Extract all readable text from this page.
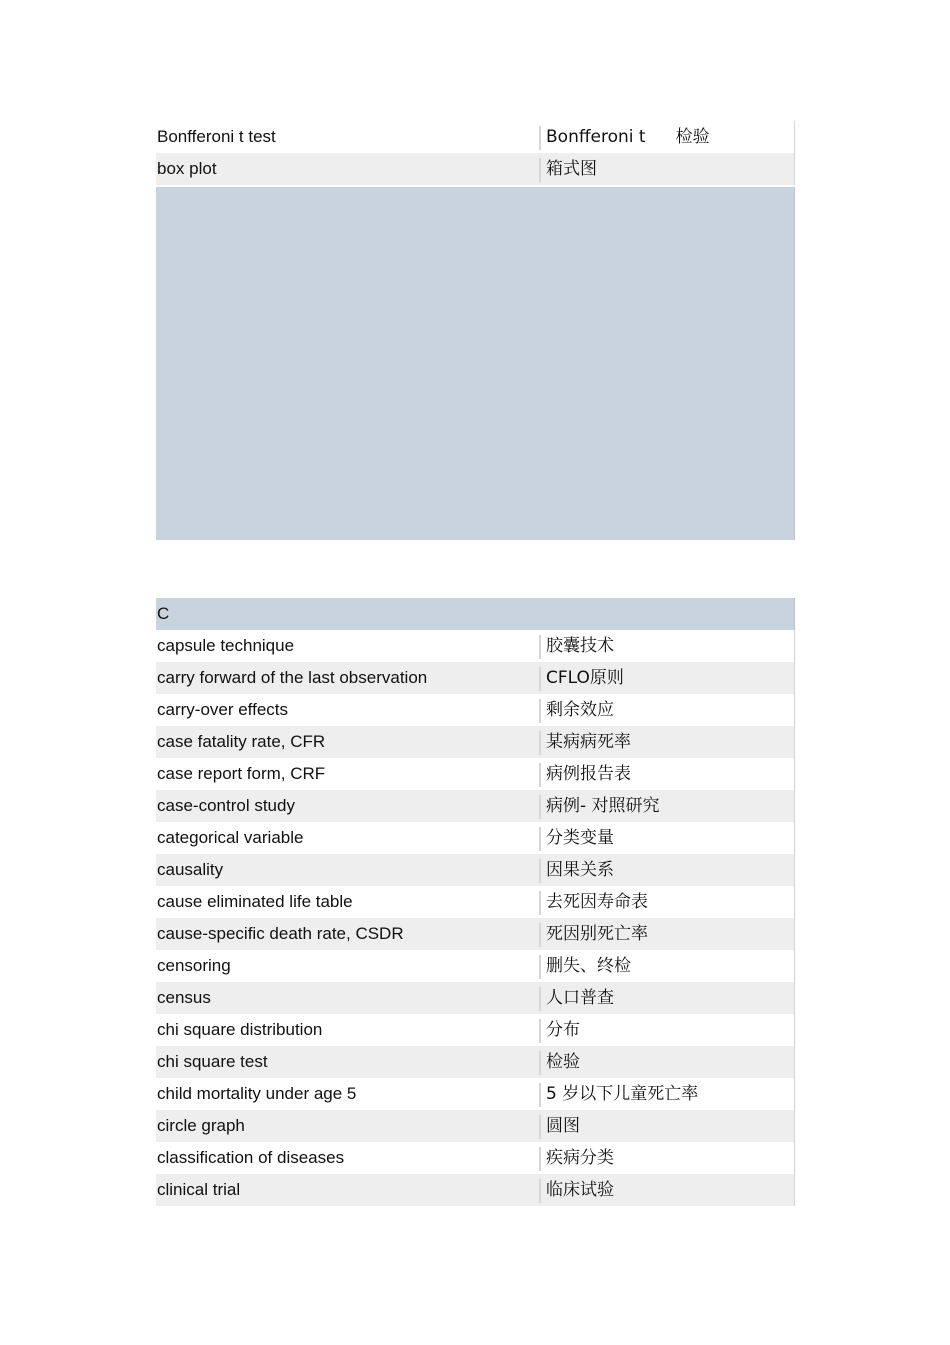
Bonfferoni t test	Bonfferoni t 检验
box plot	箱式图
C
capsule technique	胶囊技术
carry forward of the last observation	CFLO原则
carry-over effects	剩余效应
case fatality rate, CFR	某病病死率
case report form, CRF	病例报告表
case-control study	病例- 对照研究
categorical variable	分类变量
causality	因果关系
cause eliminated life table	去死因寿命表
cause-specific death rate, CSDR	死因别死亡率
censoring	删失、终检
census	人口普查
chi square distribution	分布
chi square test	检验
child mortality under age 5	5 岁以下儿童死亡率
circle graph	圆图
classification of diseases	疾病分类
clinical trial	临床试验
